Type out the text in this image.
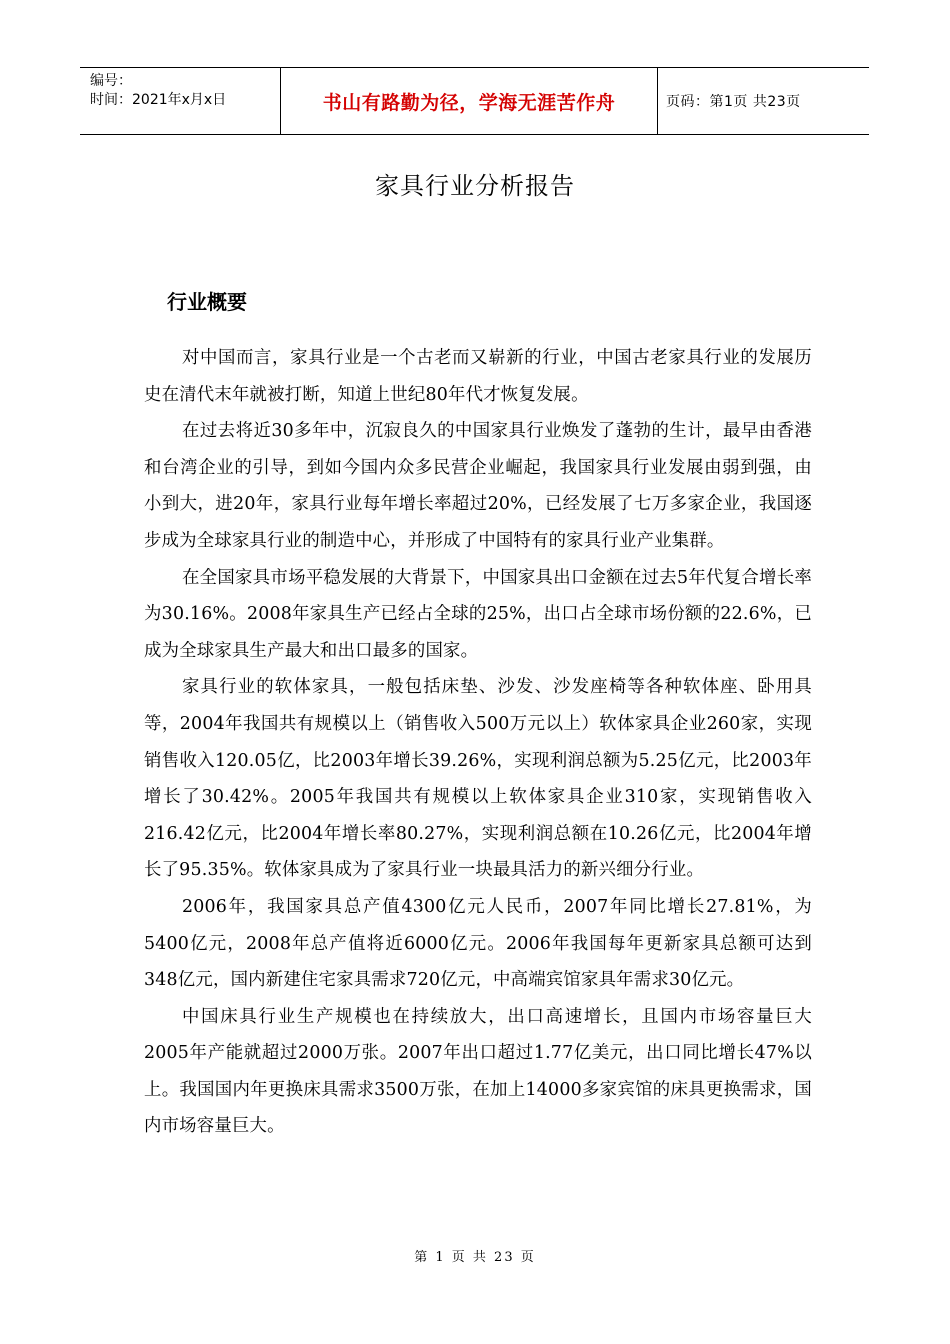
编号：
时间：2021年x月x日	书山有路勤为径，学海无涯苦作舟	页码：第1页 共23页
家具行业分析报告
行业概要

对中国而言，家具行业是一个古老而又崭新的行业，中国古老家具行业的发展历史在清代末年就被打断，知道上世纪80年代才恢复发展。

在过去将近30多年中，沉寂良久的中国家具行业焕发了蓬勃的生计，最早由香港和台湾企业的引导，到如今国内众多民营企业崛起，我国家具行业发展由弱到强，由小到大，进20年，家具行业每年增长率超过20%，已经发展了七万多家企业，我国逐步成为全球家具行业的制造中心，并形成了中国特有的家具行业产业集群。

在全国家具市场平稳发展的大背景下，中国家具出口金额在过去5年代复合增长率为30.16%。2008年家具生产已经占全球的25%，出口占全球市场份额的22.6%，已成为全球家具生产最大和出口最多的国家。

家具行业的软体家具，一般包括床垫、沙发、沙发座椅等各种软体座、卧用具等，2004年我国共有规模以上（销售收入500万元以上）软体家具企业260家，实现销售收入120.05亿，比2003年增长39.26%，实现利润总额为5.25亿元，比2003年增长了30.42%。2005年我国共有规模以上软体家具企业310家，实现销售收入216.42亿元，比2004年增长率80.27%，实现利润总额在10.26亿元，比2004年增长了95.35%。软体家具成为了家具行业一块最具活力的新兴细分行业。

2006年，我国家具总产值4300亿元人民币，2007年同比增长27.81%，为5400亿元，2008年总产值将近6000亿元。2006年我国每年更新家具总额可达到348亿元，国内新建住宅家具需求720亿元，中高端宾馆家具年需求30亿元。

中国床具行业生产规模也在持续放大，出口高速增长，且国内市场容量巨大 2005年产能就超过2000万张。2007年出口超过1.77亿美元，出口同比增长47%以上。我国国内年更换床具需求3500万张，在加上14000多家宾馆的床具更换需求，国内市场容量巨大。

第 1 页 共 23 页
